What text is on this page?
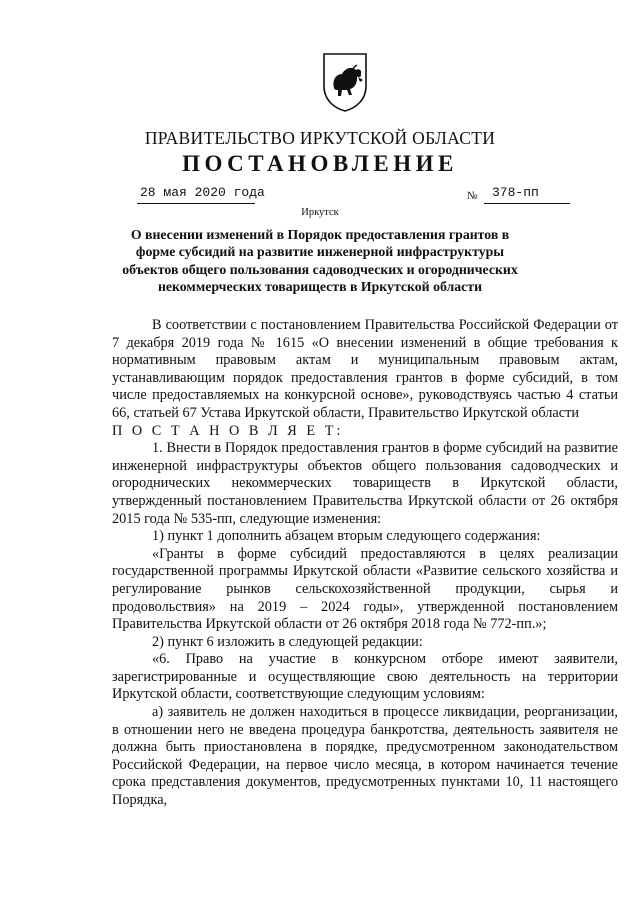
ПРАВИТЕЛЬСТВО ИРКУТСКОЙ ОБЛАСТИ
ПОСТАНОВЛЕНИЕ
28 мая 2020 года	№ 378-пп
Иркутск
О внесении изменений в Порядок предоставления грантов в форме субсидий на развитие инженерной инфраструктуры объектов общего пользования садоводческих и огороднических некоммерческих товариществ в Иркутской области

В соответствии с постановлением Правительства Российской Федерации от 7 декабря 2019 года № 1615 «О внесении изменений в общие требования к нормативным правовым актам и муниципальным правовым актам, устанавливающим порядок предоставления грантов в форме субсидий, в том числе предоставляемых на конкурсной основе», руководствуясь частью 4 статьи 66, статьей 67 Устава Иркутской области, Правительство Иркутской области

П О С Т А Н О В Л Я Е Т:

1. Внести в Порядок предоставления грантов в форме субсидий на развитие инженерной инфраструктуры объектов общего пользования садоводческих и огороднических некоммерческих товариществ в Иркутской области, утвержденный постановлением Правительства Иркутской области от 26 октября 2015 года № 535-пп, следующие изменения:

1) пункт 1 дополнить абзацем вторым следующего содержания:

«Гранты в форме субсидий предоставляются в целях реализации государственной программы Иркутской области «Развитие сельского хозяйства и регулирование рынков сельскохозяйственной продукции, сырья и продовольствия» на 2019 – 2024 годы», утвержденной постановлением Правительства Иркутской области от 26 октября 2018 года № 772-пп.»;

2) пункт 6 изложить в следующей редакции:

«6. Право на участие в конкурсном отборе имеют заявители, зарегистрированные и осуществляющие свою деятельность на территории Иркутской области, соответствующие следующим условиям:

а) заявитель не должен находиться в процессе ликвидации, реорганизации, в отношении него не введена процедура банкротства, деятельность заявителя не должна быть приостановлена в порядке, предусмотренном законодательством Российской Федерации, на первое число месяца, в котором начинается течение срока представления документов, предусмотренных пунктами 10, 11 настоящего Порядка,
